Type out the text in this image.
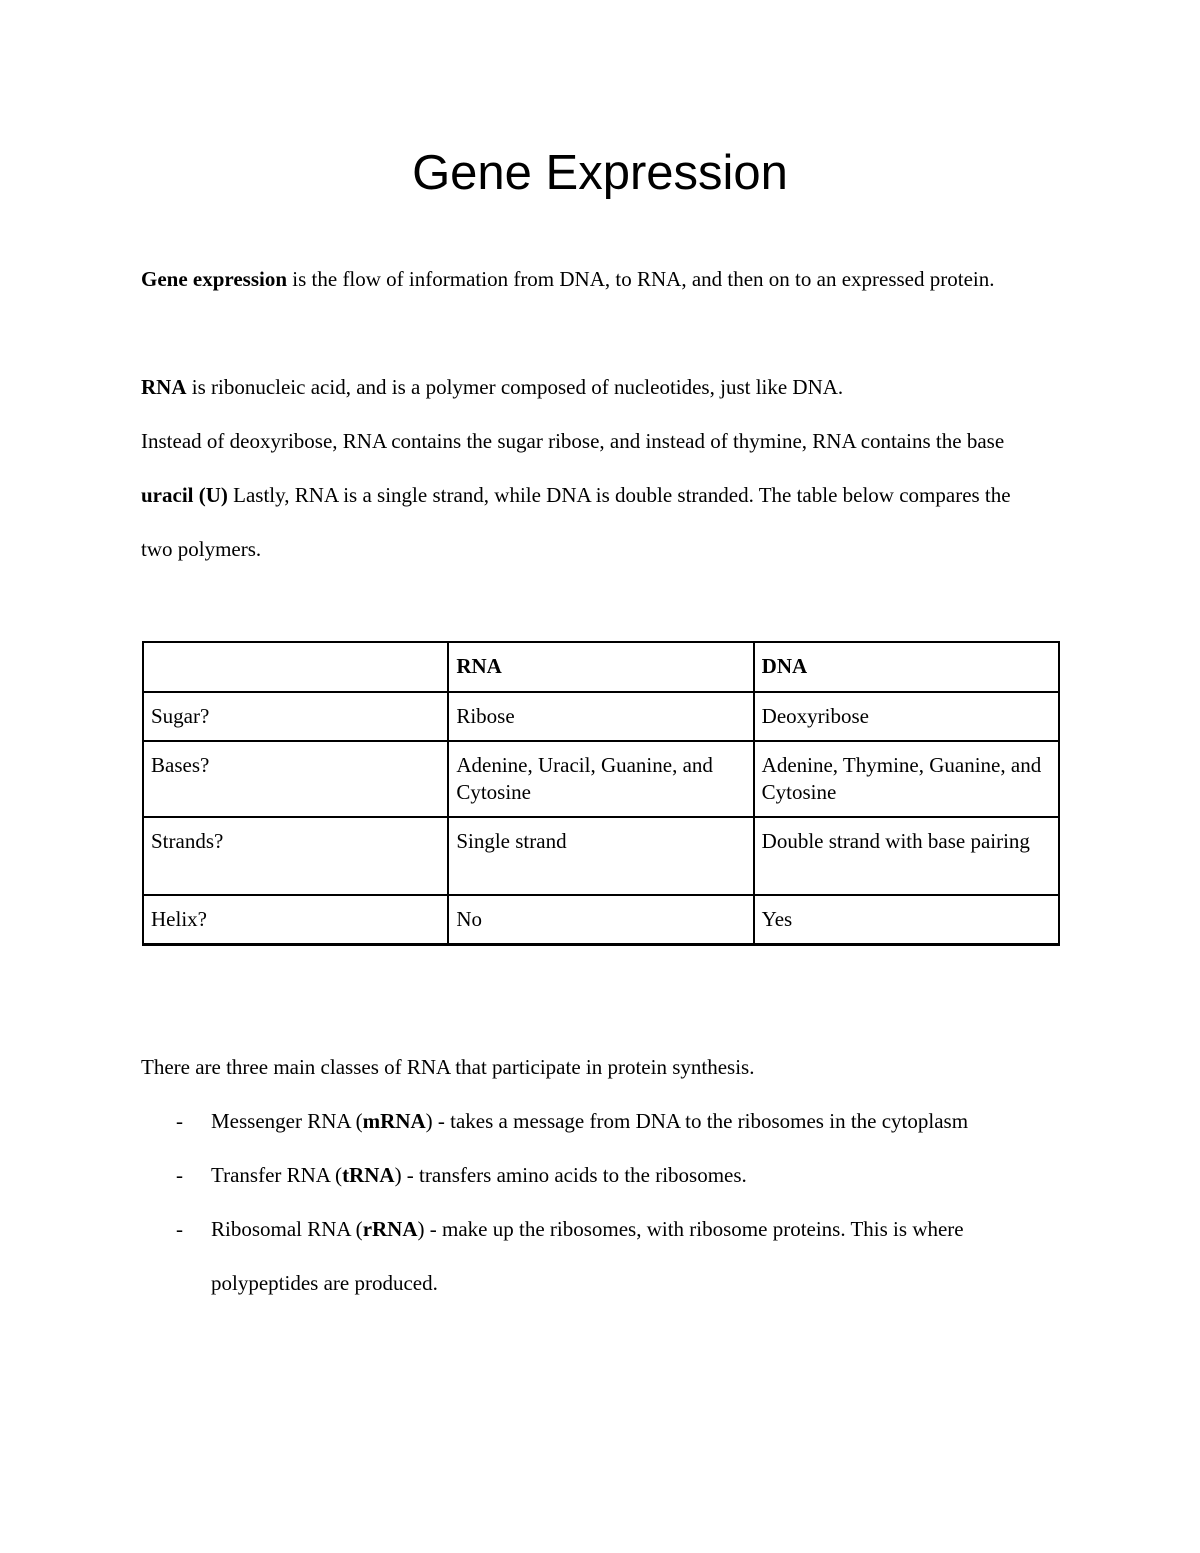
Gene Expression

Gene expression is the flow of information from DNA, to RNA, and then on to an expressed protein.

RNA is ribonucleic acid, and is a polymer composed of nucleotides, just like DNA.

Instead of deoxyribose, RNA contains the sugar ribose, and instead of thymine, RNA contains the base uracil (U) Lastly, RNA is a single strand, while DNA is double stranded. The table below compares the two polymers.

	RNA	DNA
Sugar?	Ribose	Deoxyribose
Bases?	Adenine, Uracil, Guanine, and Cytosine	Adenine, Thymine, Guanine, and Cytosine
Strands?	Single strand	Double strand with base pairing
Helix?	No	Yes

There are three main classes of RNA that participate in protein synthesis.

- Messenger RNA (mRNA) - takes a message from DNA to the ribosomes in the cytoplasm
- Transfer RNA (tRNA) - transfers amino acids to the ribosomes.
- Ribosomal RNA (rRNA) - make up the ribosomes, with ribosome proteins. This is where polypeptides are produced.
